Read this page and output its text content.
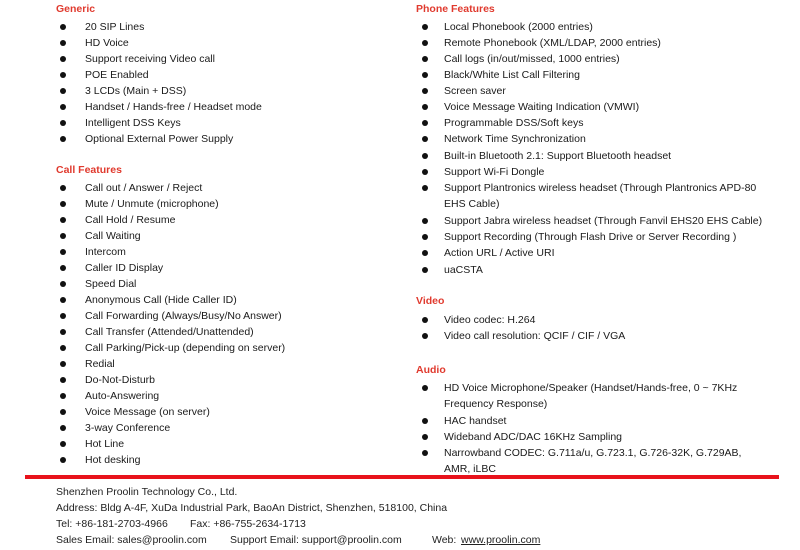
Generic
20 SIP Lines
HD Voice
Support receiving Video call
POE Enabled
3 LCDs (Main + DSS)
Handset / Hands-free / Headset mode
Intelligent DSS Keys
Optional External Power Supply
Call Features
Call out / Answer / Reject
Mute / Unmute (microphone)
Call Hold / Resume
Call Waiting
Intercom
Caller ID Display
Speed Dial
Anonymous Call (Hide Caller ID)
Call Forwarding (Always/Busy/No Answer)
Call Transfer (Attended/Unattended)
Call Parking/Pick-up (depending on server)
Redial
Do-Not-Disturb
Auto-Answering
Voice Message (on server)
3-way Conference
Hot Line
Hot desking
Phone Features
Local Phonebook (2000 entries)
Remote Phonebook (XML/LDAP, 2000 entries)
Call logs (in/out/missed, 1000 entries)
Black/White List Call Filtering
Screen saver
Voice Message Waiting Indication (VMWI)
Programmable DSS/Soft keys
Network Time Synchronization
Built-in Bluetooth 2.1: Support Bluetooth headset
Support Wi-Fi Dongle
Support Plantronics wireless headset (Through Plantronics APD-80 EHS Cable)
Support Jabra wireless headset (Through Fanvil EHS20 EHS Cable)
Support Recording (Through Flash Drive or Server Recording )
Action URL / Active URI
uaCSTA
Video
Video codec: H.264
Video call resolution: QCIF / CIF / VGA
Audio
HD Voice Microphone/Speaker (Handset/Hands-free, 0 ~ 7KHz Frequency Response)
HAC handset
Wideband ADC/DAC 16KHz Sampling
Narrowband CODEC: G.711a/u, G.723.1, G.726-32K, G.729AB, AMR, iLBC
Shenzhen Proolin Technology Co., Ltd.
Address: Bldg A-4F, XuDa Industrial Park, BaoAn District, Shenzhen, 518100, China
Tel: +86-181-2703-4966 Fax: +86-755-2634-1713
Sales Email: sales@proolin.com Support Email: support@proolin.com	Web: www.proolin.com
